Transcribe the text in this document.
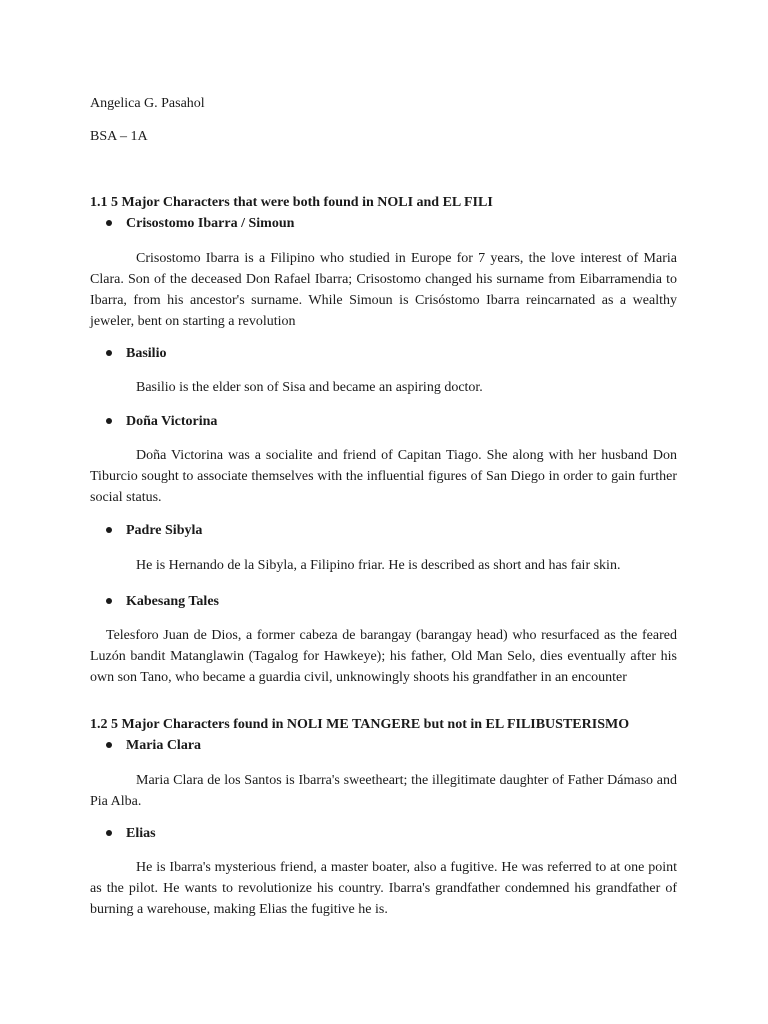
Angelica G. Pasahol
BSA – 1A
1.1 5 Major Characters that were both found in NOLI and EL FILI
Crisostomo Ibarra / Simoun
Crisostomo Ibarra is a Filipino who studied in Europe for 7 years, the love interest of Maria Clara. Son of the deceased Don Rafael Ibarra; Crisostomo changed his surname from Eibarramendia to Ibarra, from his ancestor's surname. While Simoun is Crisóstomo Ibarra reincarnated as a wealthy jeweler, bent on starting a revolution
Basilio
Basilio is the elder son of Sisa and became an aspiring doctor.
Doña Victorina
Doña Victorina was a socialite and friend of Capitan Tiago. She along with her husband Don Tiburcio sought to associate themselves with the influential figures of San Diego in order to gain further social status.
Padre Sibyla
He is Hernando de la Sibyla, a Filipino friar. He is described as short and has fair skin.
Kabesang Tales
Telesforo Juan de Dios, a former cabeza de barangay (barangay head) who resurfaced as the feared Luzón bandit Matanglawin (Tagalog for Hawkeye); his father, Old Man Selo, dies eventually after his own son Tano, who became a guardia civil, unknowingly shoots his grandfather in an encounter
1.2 5 Major Characters found in NOLI ME TANGERE but not in EL FILIBUSTERISMO
Maria Clara
Maria Clara de los Santos is Ibarra's sweetheart; the illegitimate daughter of Father Dámaso and Pia Alba.
Elias
He is Ibarra's mysterious friend, a master boater, also a fugitive. He was referred to at one point as the pilot. He wants to revolutionize his country. Ibarra's grandfather condemned his grandfather of burning a warehouse, making Elias the fugitive he is.
